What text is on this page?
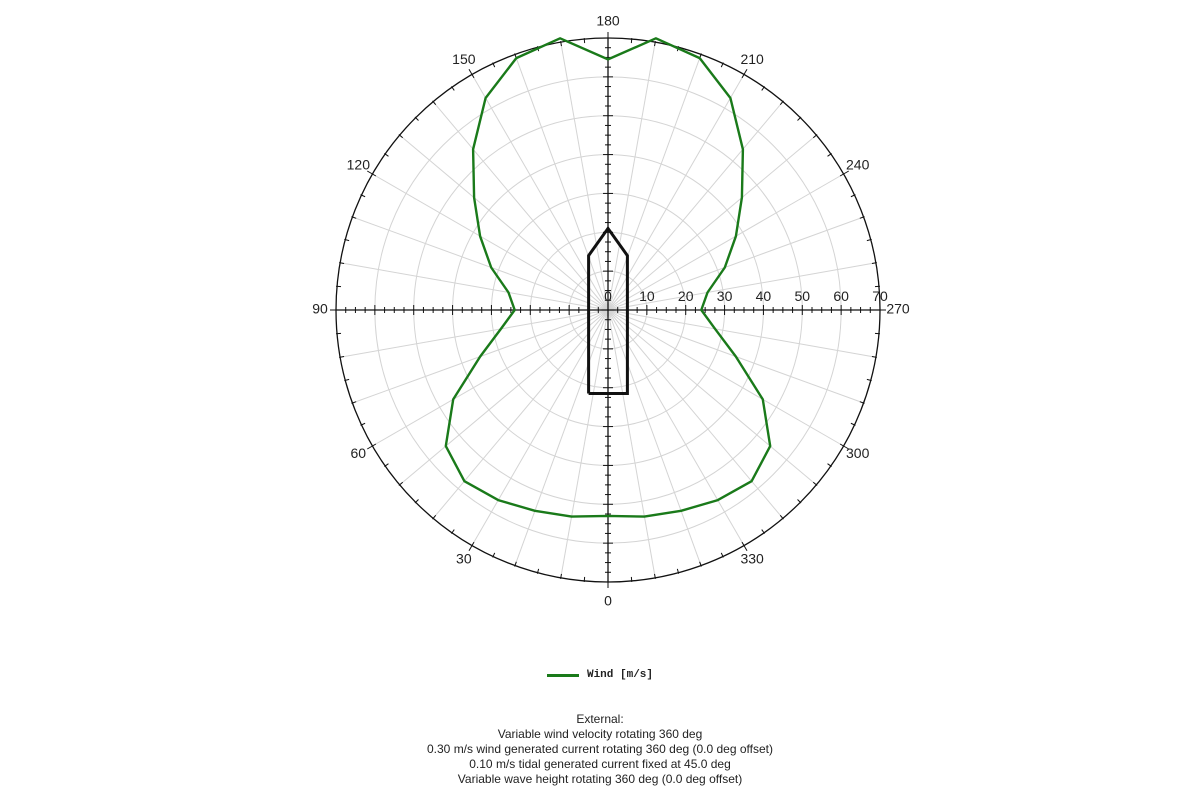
0
30
60
90
120
150
180
210
240
270
300
330
0 10 20 30 40 50 60 70
Wind [m/s]
External:
Variable wind velocity rotating 360 deg
0.30 m/s wind generated current rotating 360 deg (0.0 deg offset)
0.10 m/s tidal generated current fixed at 45.0 deg
Variable wave height rotating 360 deg (0.0 deg offset)
